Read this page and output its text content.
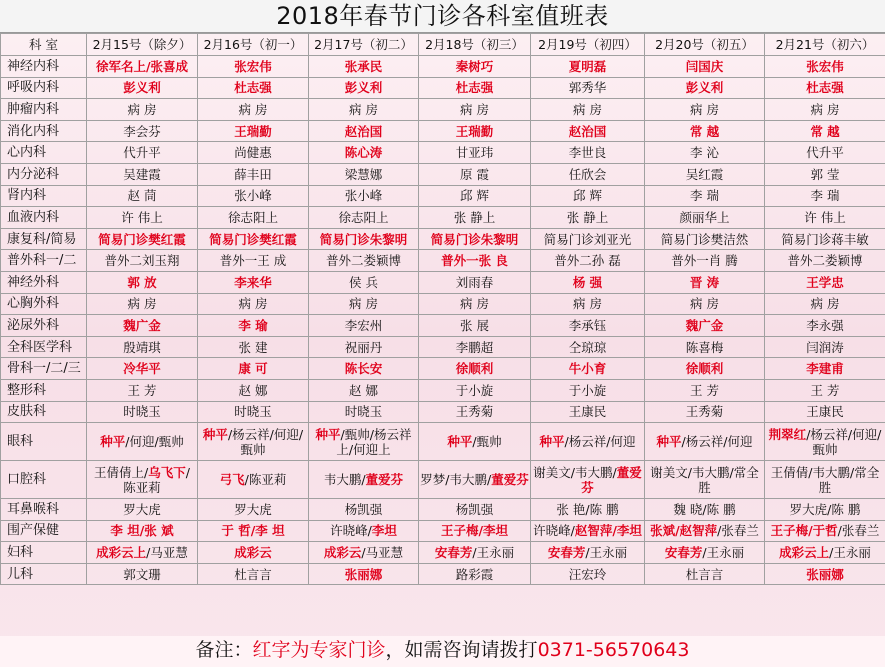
2018年春节门诊各科室值班表
科 室	2月15号（除夕）	2月16号（初一）	2月17号（初二）	2月18号（初三）	2月19号（初四）	2月20号（初五）	2月21号（初六）
神经内科	徐军名上/张喜成	张宏伟	张承民	秦树巧	夏明磊	闫国庆	张宏伟
呼吸内科	彭义利	杜志强	彭义利	杜志强	郭秀华	彭义利	杜志强
肿瘤内科	病 房	病 房	病 房	病 房	病 房	病 房	病 房
消化内科	李会芬	王瑞勤	赵治国	王瑞勤	赵治国	常 越	常 越
心内科	代升平	尚健惠	陈心涛	甘亚玮	李世良	李 沁	代升平
内分泌科	吴建霞	薛丰田	梁慧娜	原 霞	任欣会	吴红霞	郭 莹
肾内科	赵 茼	张小峰	张小峰	邱 辉	邱 辉	李 瑞	李 瑞
血液内科	许 伟上	徐志阳上	徐志阳上	张 静上	张 静上	颜丽华上	许 伟上
康复科/简易	简易门诊樊红霞	简易门诊樊红霞	简易门诊朱黎明	简易门诊朱黎明	简易门诊刘亚光	简易门诊樊洁然	简易门诊蒋丰敏
普外科一/二	普外二刘玉翔	普外一王 成	普外二娄颖博	普外一张 良	普外二孙 磊	普外一肖 腾	普外二娄颖博
神经外科	郭 放	李来华	侯 兵	刘雨春	杨 强	晋 涛	王学忠
心胸外科	病 房	病 房	病 房	病 房	病 房	病 房	病 房
泌尿外科	魏广金	李 瑜	李宏州	张 展	李承钰	魏广金	李永强
全科医学科	殷靖琪	张 建	祝丽丹	李鹏超	仝琼琼	陈喜梅	闫润涛
骨科一/二/三	冷华平	康 可	陈长安	徐顺利	牛小育	徐顺利	李建甫
整形科	王 芳	赵 娜	赵 娜	于小旋	于小旋	王 芳	王 芳
皮肤科	时晓玉	时晓玉	时晓玉	王秀菊	王康民	王秀菊	王康民
眼科	种平/何迎/甄帅	种平/杨云祥/何迎/甄帅	种平/甄帅/杨云祥上/何迎上	种平/甄帅	种平/杨云祥/何迎	种平/杨云祥/何迎	荆翠红/杨云祥/何迎/甄帅
口腔科	王倩倩上/乌飞下/陈亚莉	弓飞/陈亚莉	韦大鹏/董爱芬	罗梦/韦大鹏/董爱芬	谢美文/韦大鹏/董爱芬	谢美文/韦大鹏/常全胜	王倩倩/韦大鹏/常全胜
耳鼻喉科	罗大虎	罗大虎	杨凯强	杨凯强	张 艳/陈 鹏	魏 晓/陈 鹏	罗大虎/陈 鹏
围产保健	李 坦/张 斌	于 哲/李 坦	许晓峰/李坦	王子梅/李坦	许晓峰/赵智萍/李坦	张斌/赵智萍/张春兰	王子梅/于哲/张春兰
妇科	成彩云上/马亚慧	成彩云	成彩云/马亚慧	安春芳/王永丽	安春芳/王永丽	安春芳/王永丽	成彩云上/王永丽
儿科	郭文珊	杜言言	张丽娜	路彩霞	汪宏玲	杜言言	张丽娜
备注：红字为专家门诊，如需咨询请拨打0371-56570643
